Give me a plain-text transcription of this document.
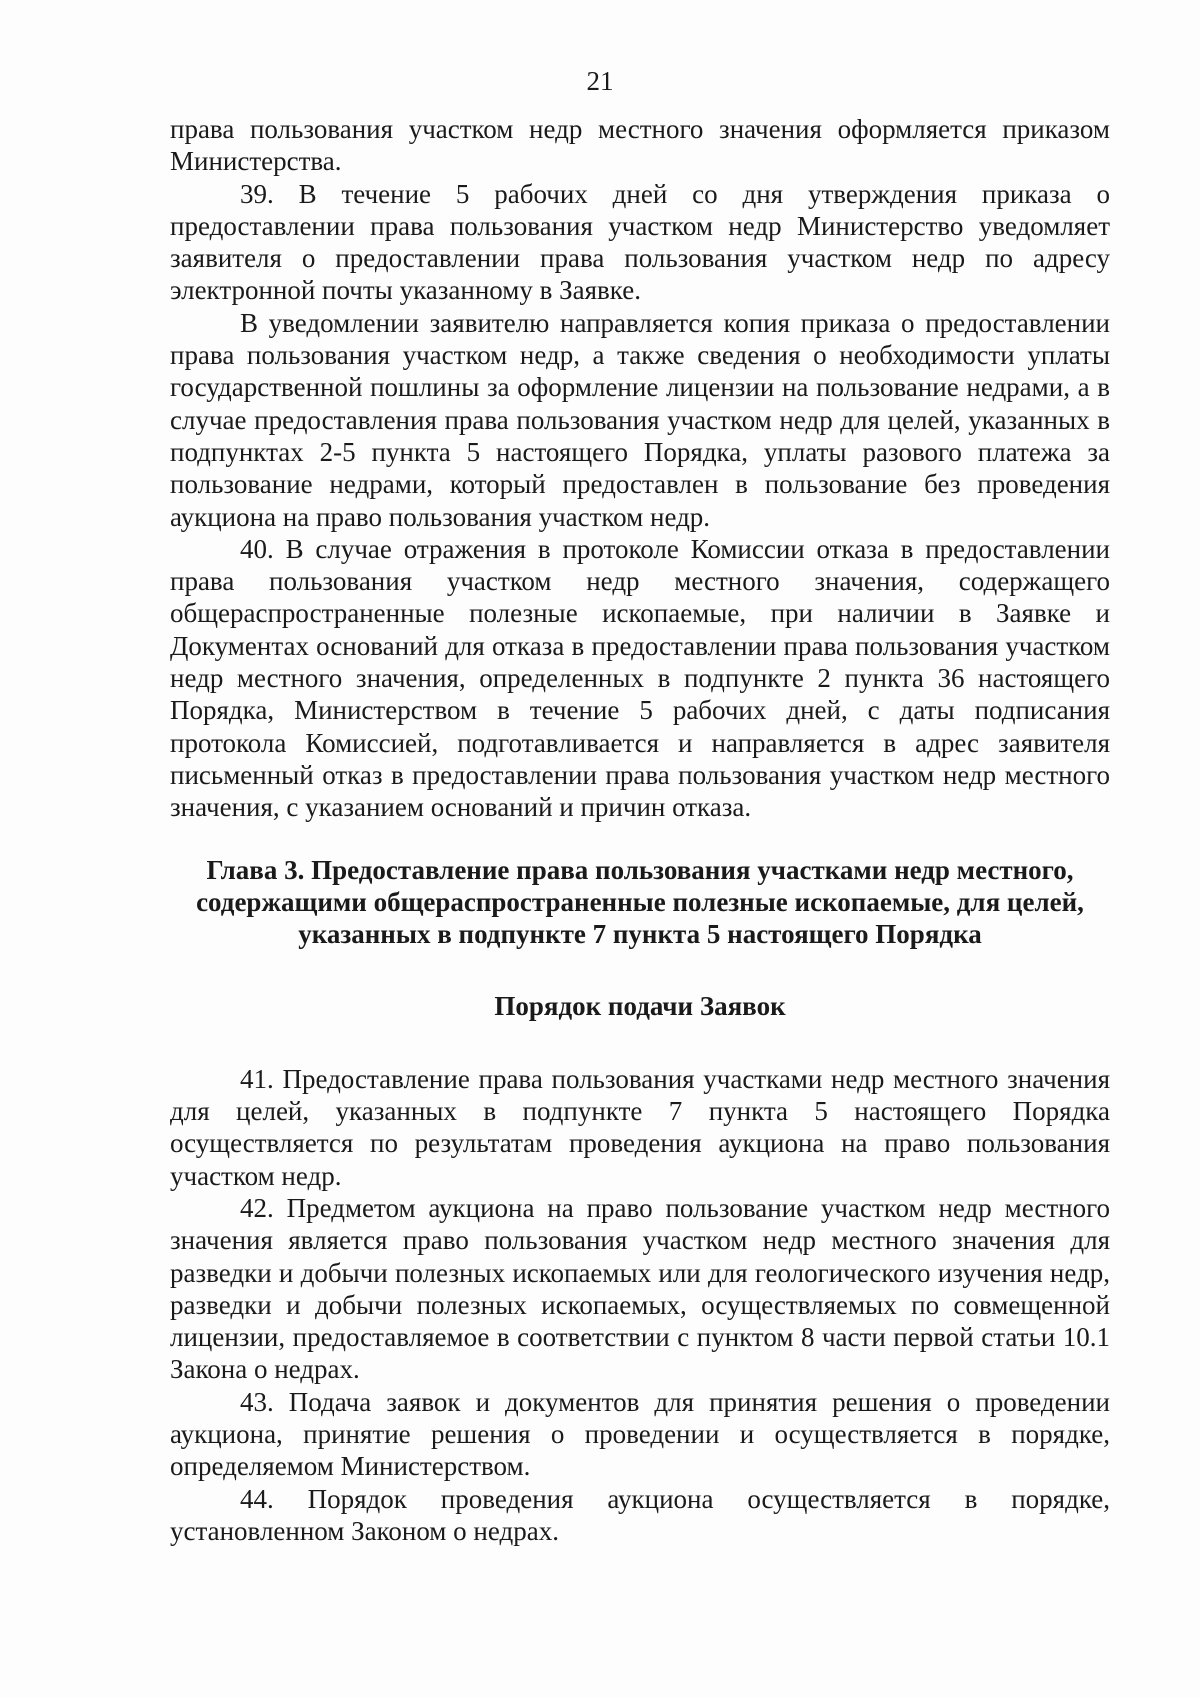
21

права пользования участком недр местного значения оформляется приказом Министерства.

39. В течение 5 рабочих дней со дня утверждения приказа о предоставлении права пользования участком недр Министерство уведомляет заявителя о предоставлении права пользования участком недр по адресу электронной почты указанному в Заявке.

В уведомлении заявителю направляется копия приказа о предоставлении права пользования участком недр, а также сведения о необходимости уплаты государственной пошлины за оформление лицензии на пользование недрами, а в случае предоставления права пользования участком недр для целей, указанных в подпунктах 2-5 пункта 5 настоящего Порядка, уплаты разового платежа за пользование недрами, который предоставлен в пользование без проведения аукциона на право пользования участком недр.

40. В случае отражения в протоколе Комиссии отказа в предоставлении права пользования участком недр местного значения, содержащего общераспространенные полезные ископаемые, при наличии в Заявке и Документах оснований для отказа в предоставлении права пользования участком недр местного значения, определенных в подпункте 2 пункта 36 настоящего Порядка, Министерством в течение 5 рабочих дней, с даты подписания протокола Комиссией, подготавливается и направляется в адрес заявителя письменный отказ в предоставлении права пользования участком недр местного значения, с указанием оснований и причин отказа.

Глава 3. Предоставление права пользования участками недр местного,
содержащими общераспространенные полезные ископаемые, для целей,
указанных в подпункте 7 пункта 5 настоящего Порядка
Порядок подачи Заявок

41. Предоставление права пользования участками недр местного значения для целей, указанных в подпункте 7 пункта 5 настоящего Порядка осуществляется по результатам проведения аукциона на право пользования участком недр.

42. Предметом аукциона на право пользование участком недр местного значения является право пользования участком недр местного значения для разведки и добычи полезных ископаемых или для геологического изучения недр, разведки и добычи полезных ископаемых, осуществляемых по совмещенной лицензии, предоставляемое в соответствии с пунктом 8 части первой статьи 10.1 Закона о недрах.

43. Подача заявок и документов для принятия решения о проведении аукциона, принятие решения о проведении и осуществляется в порядке, определяемом Министерством.

44. Порядок проведения аукциона осуществляется в порядке, установленном Законом о недрах.
